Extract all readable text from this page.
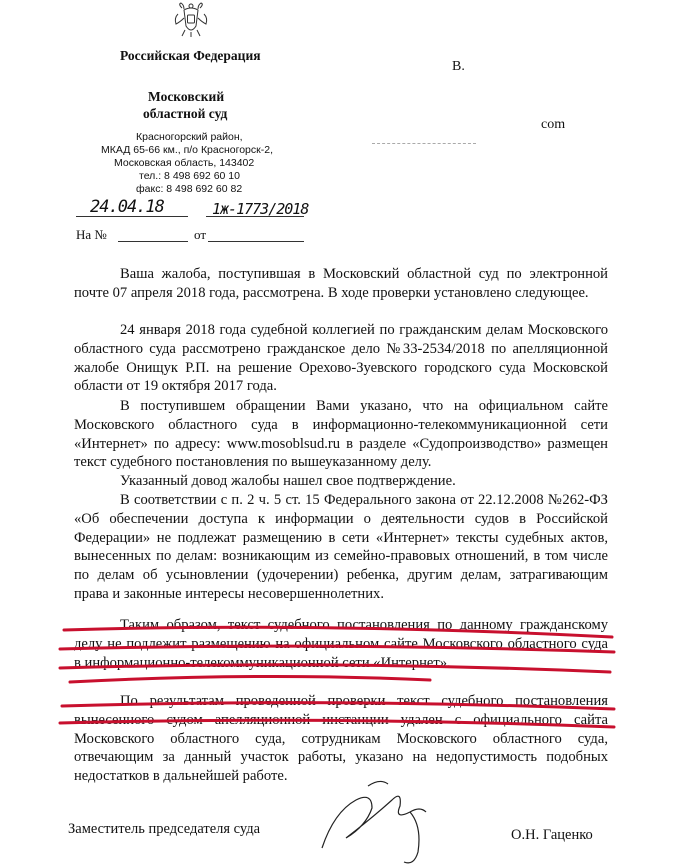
Российская Федерация
Московский
областной суд
Красногорский район,
МКАД 65-66 км., п/о Красногорск-2,
Московская область, 143402
тел.: 8 498 692 60 10
факс: 8 498 692 60 82
В.
com
24.04.18	1ж-1773/2018
На №	от
Ваша жалоба, поступившая в Московский областной суд по электронной почте 07 апреля 2018 года, рассмотрена. В ходе проверки установлено следующее.
24 января 2018 года судебной коллегией по гражданским делам Московского областного суда рассмотрено гражданское дело №33-2534/2018 по апелляционной жалобе Онищук Р.П. на решение Орехово-Зуевского городского суда Московской области от 19 октября 2017 года.
В поступившем обращении Вами указано, что на официальном сайте Московского областного суда в информационно-телекоммуникационной сети «Интернет» по адресу: www.mosoblsud.ru в разделе «Судопроизводство» размещен текст судебного постановления по вышеуказанному делу.
Указанный довод жалобы нашел свое подтверждение.
В соответствии с п. 2 ч. 5 ст. 15 Федерального закона от 22.12.2008 №262-ФЗ «Об обеспечении доступа к информации о деятельности судов в Российской Федерации» не подлежат размещению в сети «Интернет» тексты судебных актов, вынесенных по делам: возникающим из семейно-правовых отношений, в том числе по делам об усыновлении (удочерении) ребенка, другим делам, затрагивающим права и законные интересы несовершеннолетних.
Таким образом, текст судебного постановления по данному гражданскому делу не подлежит размещению на официальном сайте Московского областного суда в информационно-телекоммуникационной сети «Интернет».
По результатам проведенной проверки текст судебного постановления вынесенного судом апелляционной инстанции удален с официального сайта Московского областного суда, сотрудникам Московского областного суда, отвечающим за данный участок работы, указано на недопустимость подобных недостатков в дальнейшей работе.
Заместитель председателя суда	О.Н. Гаценко
